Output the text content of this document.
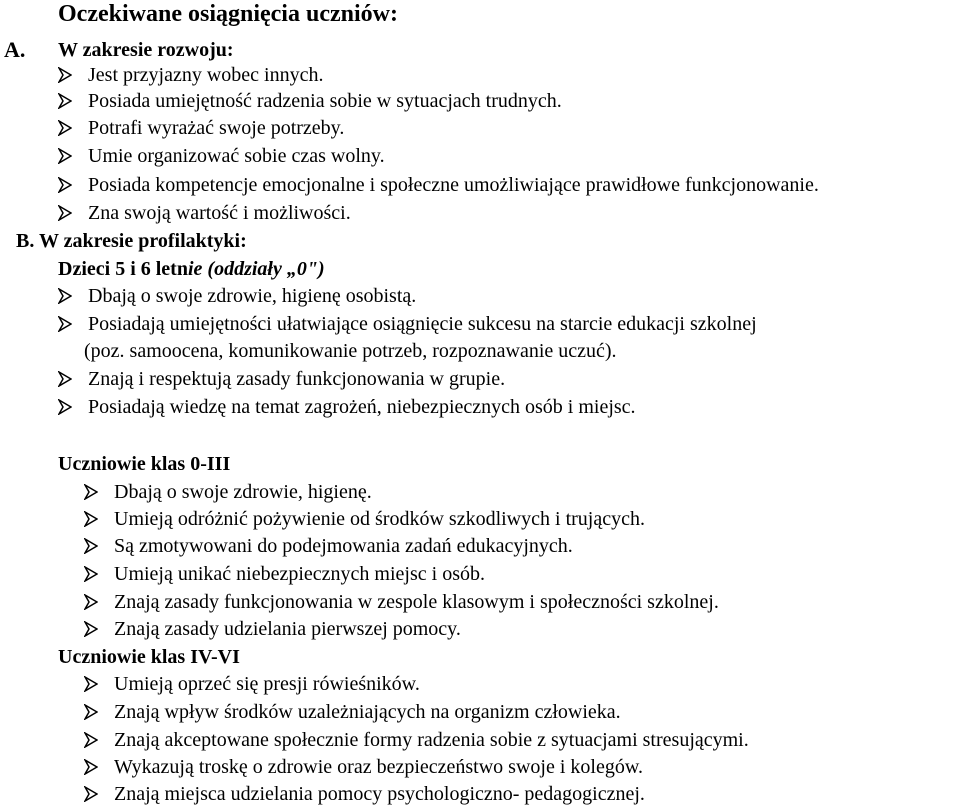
Oczekiwane osiągnięcia uczniów:
A. W zakresie rozwoju:
Jest przyjazny wobec innych.
Posiada umiejętność radzenia sobie w sytuacjach trudnych.
Potrafi wyrażać swoje potrzeby.
Umie organizować sobie czas wolny.
Posiada kompetencje emocjonalne i społeczne umożliwiające prawidłowe funkcjonowanie.
Zna swoją wartość i możliwości.
B. W zakresie profilaktyki:
Dzieci 5 i 6 letnie (oddziały „0")
Dbają o swoje zdrowie, higienę osobistą.
Posiadają umiejętności ułatwiające osiągnięcie sukcesu na starcie edukacji szkolnej
(poz. samoocena, komunikowanie potrzeb, rozpoznawanie uczuć).
Znają i respektują zasady funkcjonowania w grupie.
Posiadają wiedzę na temat zagrożeń, niebezpiecznych osób i miejsc.
Uczniowie klas 0-III
Dbają o swoje zdrowie, higienę.
Umieją odróżnić pożywienie od środków szkodliwych i trujących.
Są zmotywowani do podejmowania zadań edukacyjnych.
Umieją unikać niebezpiecznych miejsc i osób.
Znają zasady funkcjonowania w zespole klasowym i społeczności szkolnej.
Znają zasady udzielania pierwszej pomocy.
Uczniowie klas IV-VI
Umieją oprzeć się presji rówieśników.
Znają wpływ środków uzależniających na organizm człowieka.
Znają akceptowane społecznie formy radzenia sobie z sytuacjami stresującymi.
Wykazują troskę o zdrowie oraz bezpieczeństwo swoje i kolegów.
Znają miejsca udzielania pomocy psychologiczno- pedagogicznej.
